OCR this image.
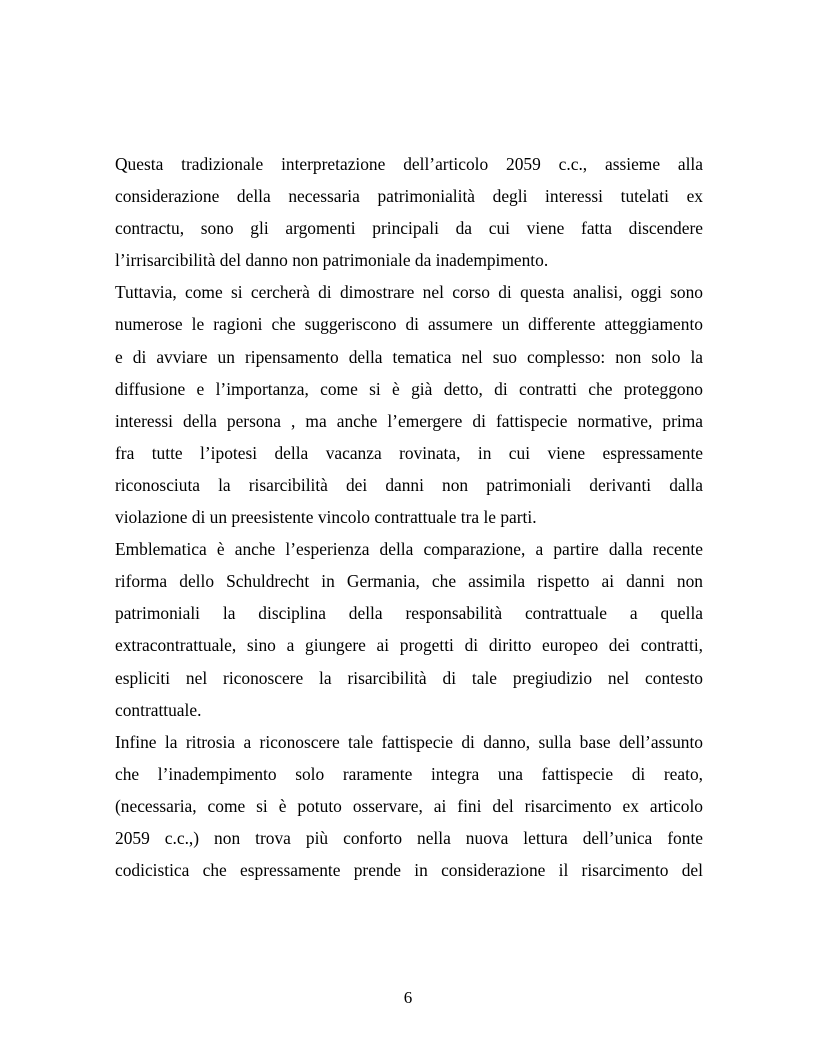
Questa tradizionale interpretazione dell’articolo 2059 c.c., assieme alla
considerazione della necessaria patrimonialità degli interessi tutelati ex
contractu, sono gli argomenti principali da cui viene fatta discendere
l’irrisarcibilità del danno non patrimoniale da inadempimento.
Tuttavia, come si cercherà di dimostrare nel corso di questa analisi, oggi sono
numerose le ragioni che suggeriscono di assumere un differente atteggiamento
e di avviare un ripensamento della tematica nel suo complesso: non solo la
diffusione e l’importanza, come si è già detto, di contratti che proteggono
interessi della persona , ma anche l’emergere di fattispecie normative, prima
fra tutte l’ipotesi della vacanza rovinata, in cui viene espressamente
riconosciuta la risarcibilità dei danni non patrimoniali derivanti dalla
violazione di un preesistente vincolo contrattuale tra le parti.
Emblematica è anche l’esperienza della comparazione, a partire dalla recente
riforma dello Schuldrecht in Germania, che assimila rispetto ai danni non
patrimoniali la disciplina della responsabilità contrattuale a quella
extracontrattuale, sino a giungere ai progetti di diritto europeo dei contratti,
espliciti nel riconoscere la risarcibilità di tale pregiudizio nel contesto
contrattuale.
Infine la ritrosia a riconoscere tale fattispecie di danno, sulla base dell’assunto
che l’inadempimento solo raramente integra una fattispecie di reato,
(necessaria, come si è potuto osservare, ai fini del risarcimento ex articolo
2059 c.c.,) non trova più conforto nella nuova lettura dell’unica fonte
codicistica che espressamente prende in considerazione il risarcimento del
6
